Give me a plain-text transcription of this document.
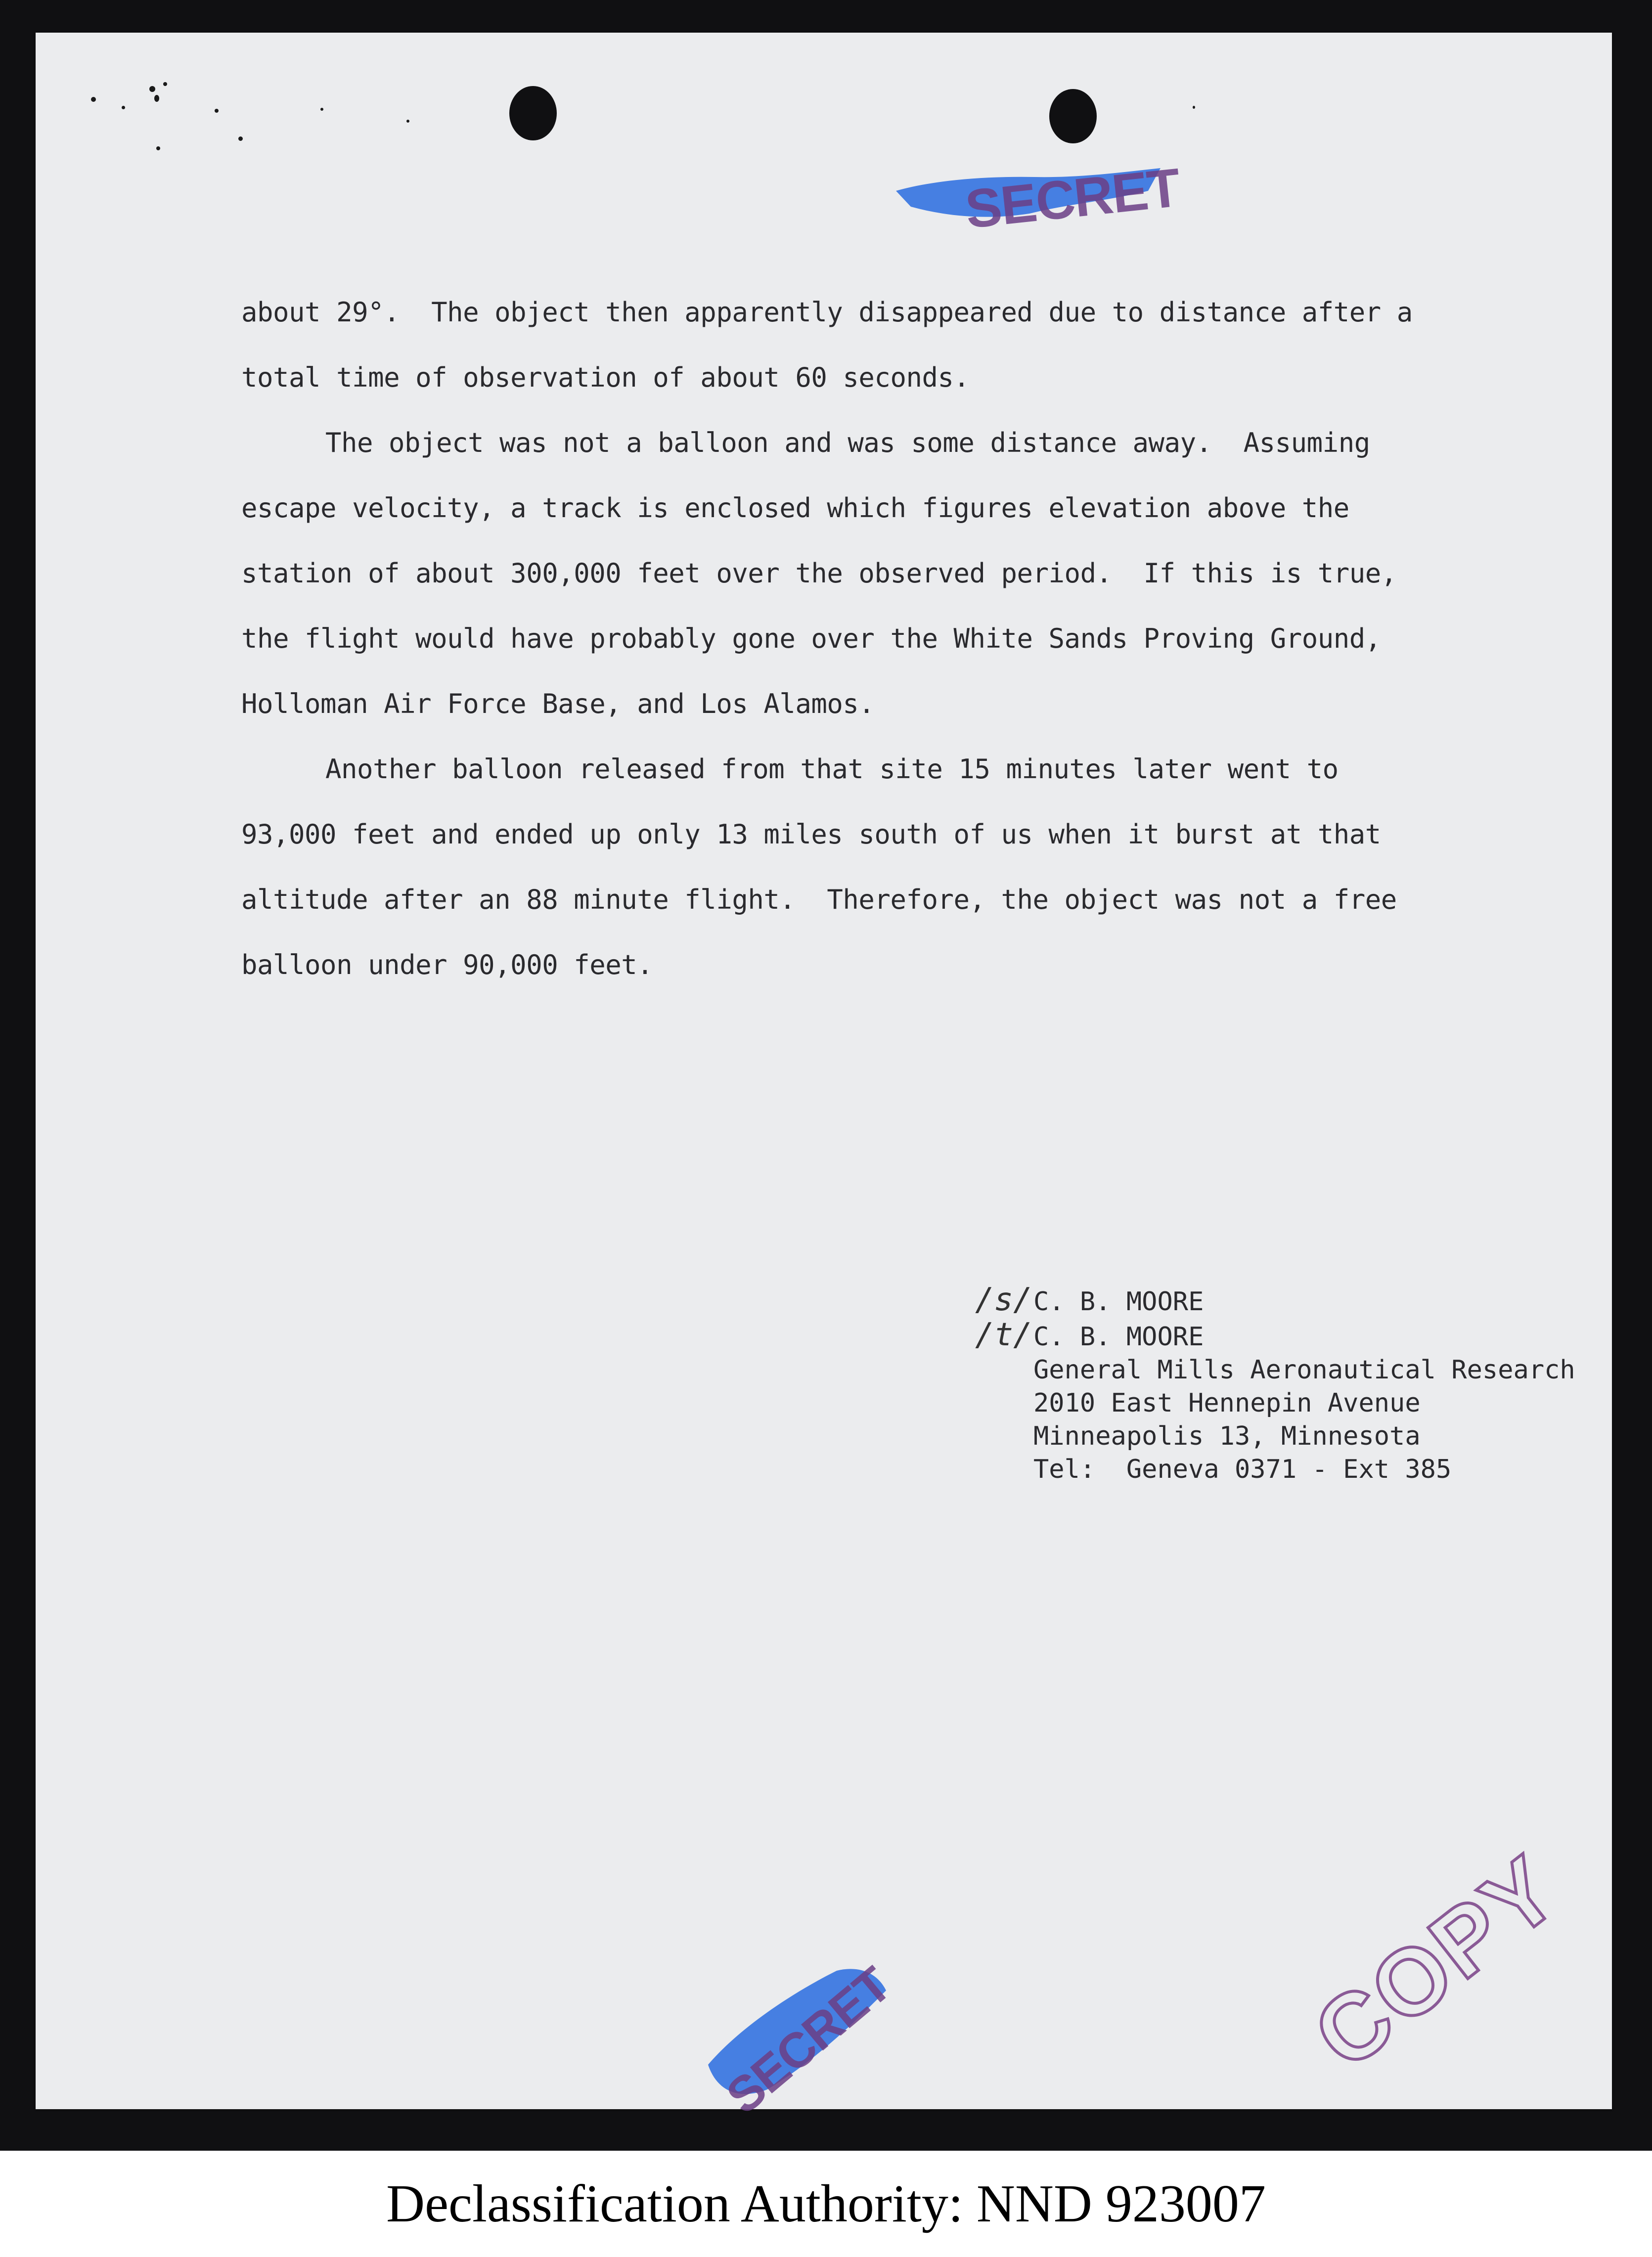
SECRET
about 29°.  The object then apparently disappeared due to distance after a
total time of observation of about 60 seconds.
The object was not a balloon and was some distance away.  Assuming
escape velocity, a track is enclosed which figures elevation above the
station of about 300,000 feet over the observed period.  If this is true,
the flight would have probably gone over the White Sands Proving Ground,
Holloman Air Force Base, and Los Alamos.
Another balloon released from that site 15 minutes later went to
93,000 feet and ended up only 13 miles south of us when it burst at that
altitude after an 88 minute flight.  Therefore, the object was not a free
balloon under 90,000 feet.
/s/ C. B. MOORE
/t/ C. B. MOORE
General Mills Aeronautical Research
2010 East Hennepin Avenue
Minneapolis 13, Minnesota
Tel:  Geneva 0371 - Ext 385
COPY
SECRET
Declassification Authority: NND 923007
